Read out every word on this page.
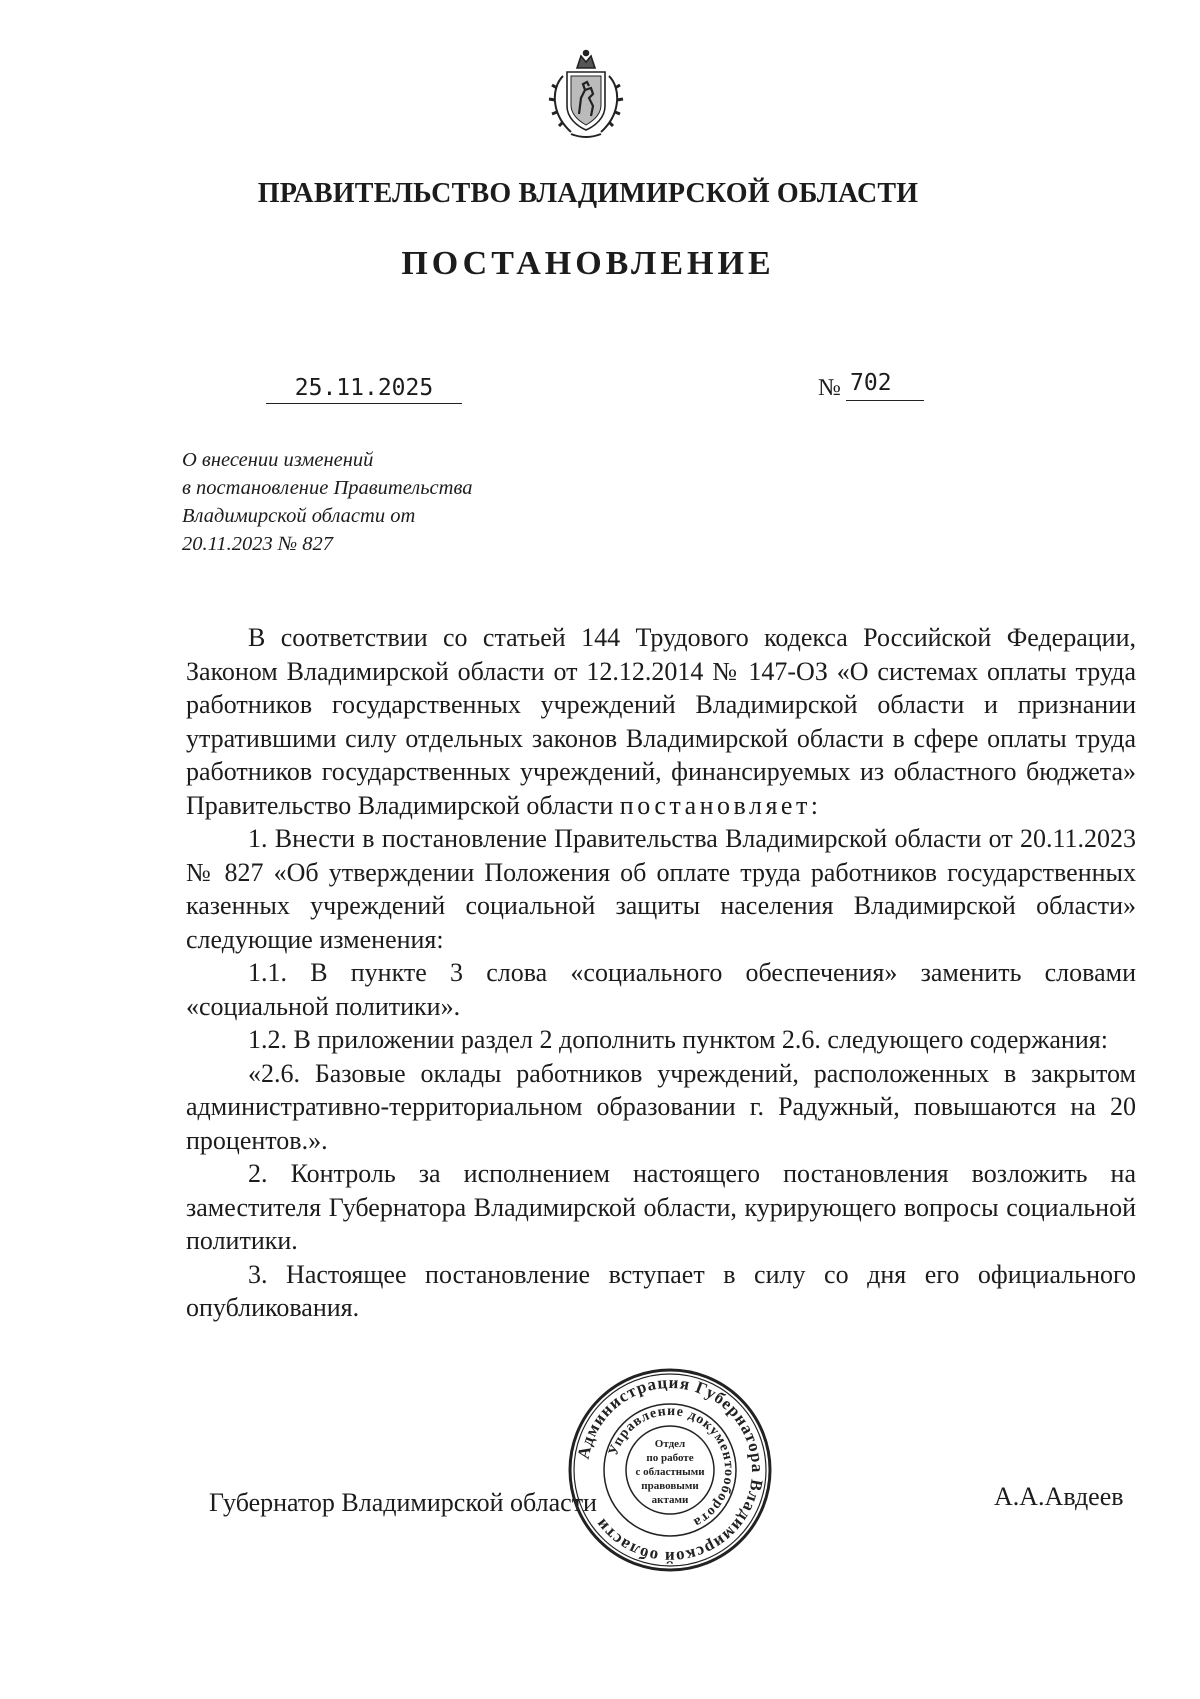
ПРАВИТЕЛЬСТВО ВЛАДИМИРСКОЙ ОБЛАСТИ
ПОСТАНОВЛЕНИЕ
25.11.2025	№ 702
О внесении изменений
в постановление Правительства
Владимирской области от
20.11.2023 № 827

В соответствии со статьей 144 Трудового кодекса Российской Федерации, Законом Владимирской области от 12.12.2014 № 147-ОЗ «О системах оплаты труда работников государственных учреждений Владимирской области и признании утратившими силу отдельных законов Владимирской области в сфере оплаты труда работников государственных учреждений, финансируемых из областного бюджета» Правительство Владимирской области постановляет:

1. Внести в постановление Правительства Владимирской области от 20.11.2023 № 827 «Об утверждении Положения об оплате труда работников государственных казенных учреждений социальной защиты населения Владимирской области» следующие изменения:

1.1. В пункте 3 слова «социального обеспечения» заменить словами «социальной политики».

1.2. В приложении раздел 2 дополнить пунктом 2.6. следующего содержания:

«2.6. Базовые оклады работников учреждений, расположенных в закрытом административно-территориальном образовании г. Радужный, повышаются на 20 процентов.».

2. Контроль за исполнением настоящего постановления возложить на заместителя Губернатора Владимирской области, курирующего вопросы социальной политики.

3. Настоящее постановление вступает в силу со дня его официального опубликования.

Губернатор Владимирской области	А.А.Авдеев
Администрация Губернатора Владимирской области
Управление документооборота
Отдел
по работе
с областными
правовыми
актами
